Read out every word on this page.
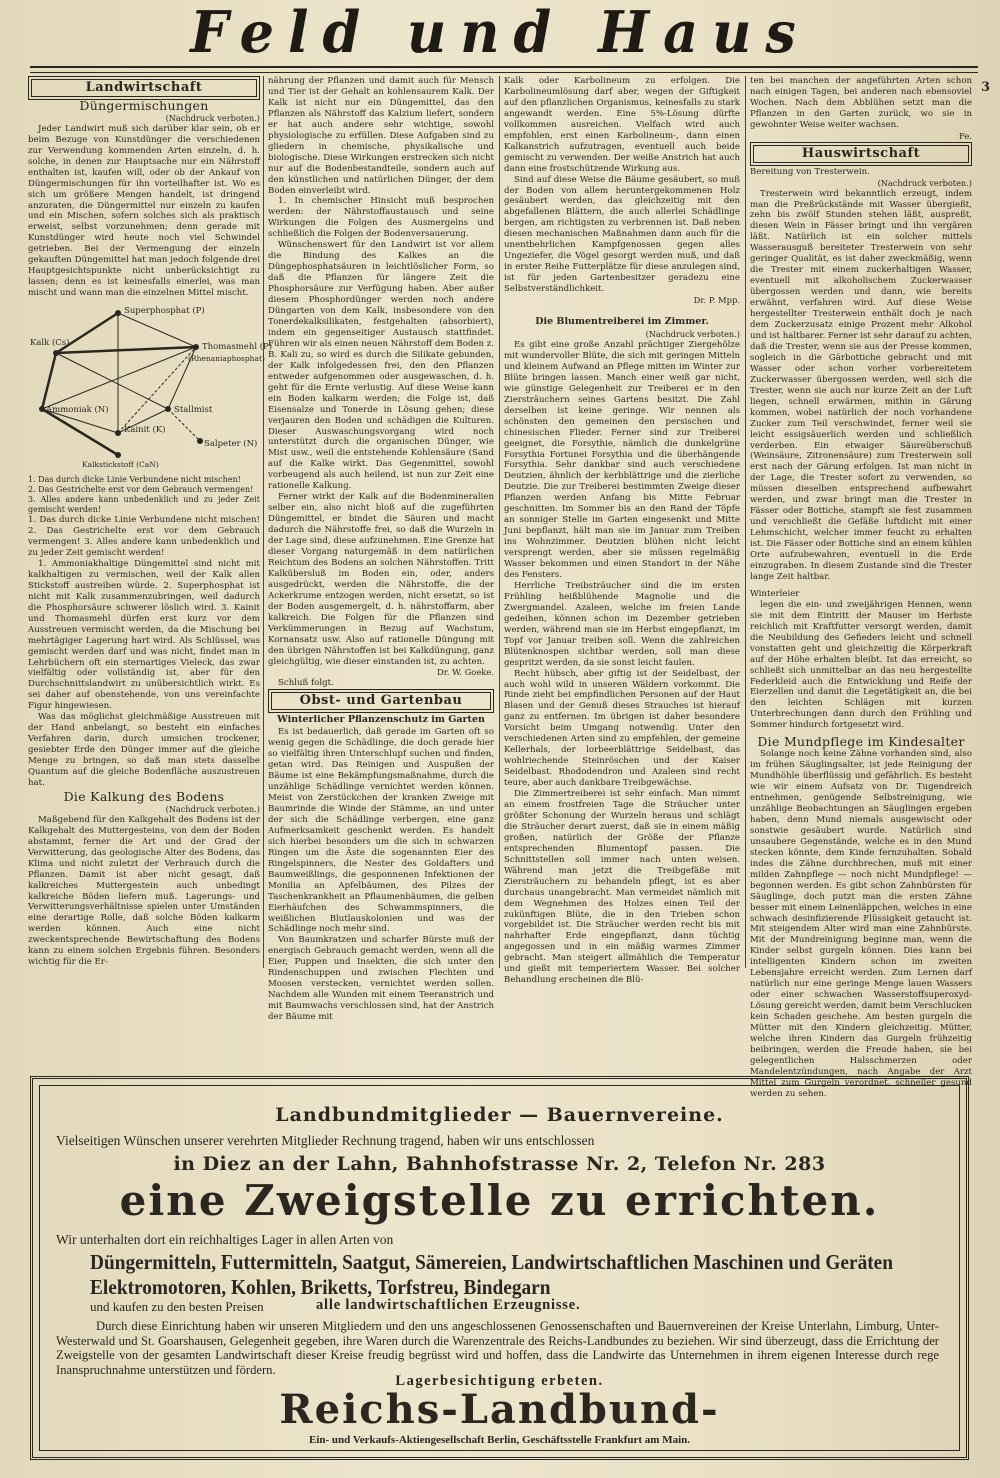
Feld und Haus
3
Landwirtschaft
Düngermischungen

(Nachdruck verboten.)

Jeder Landwirt muß sich darüber klar sein, ob er beim Bezuge von Kunstdünger die verschiedenen zur Verwendung kommenden Arten einzeln, d. h. solche, in denen zur Hauptsache nur ein Nährstoff enthalten ist, kaufen will, oder ob der Ankauf von Düngermischungen für ihn vorteilhafter ist. Wo es sich um größere Mengen handelt, ist dringend anzuraten, die Düngermittel nur einzeln zu kaufen und ein Mischen, sofern solches sich als praktisch erweist, selbst vorzunehmen; denn gerade mit Kunstdünger wird heute noch viel Schwindel getrieben. Bei der Vermengung der einzeln gekauften Düngemittel hat man jedoch folgende drei Hauptgesichtspunkte nicht unberücksichtigt zu lassen; denn es ist keinesfalls einerlei, was man mischt und wann man die einzelnen Mittel mischt.

Superphosphat (P)
Kalk (Cs)	Thomasmehl (P)
(Rhenaniaphosphat)
Ammoniak (N)	Stallmist
Kainit (K)
Salpeter (N)
Kalkstickstoff (CaN)

1. Das durch dicke Linie Verbundene nicht mischen!

2. Das Gestrichelte erst vor dem Gebrauch vermengen!

3. Alles andere kann unbedenklich und zu jeder Zeit gemischt werden!

1. Das durch dicke Linie Verbundene nicht mischen! 2. Das Gestrichelte erst vor dem Gebrauch vermengen! 3. Alles andere kann unbedenklich und zu jeder Zeit gemischt werden!

1. Ammoniakhaltige Düngemittel sind nicht mit kalkhaltigen zu vermischen, weil der Kalk allen Stickstoff austreiben würde. 2. Superphosphat ist nicht mit Kalk zusammenzubringen, weil dadurch die Phosphorsäure schwerer löslich wird. 3. Kainit und Thomasmehl dürfen erst kurz vor dem Ausstreuen vermischt werden, da die Mischung bei mehrtägiger Lagerung hart wird. Als Schlüssel, was gemischt werden darf und was nicht, findet man in Lehrbüchern oft ein sternartiges Vieleck, das zwar vielfältig oder vollständig ist, aber für den Durchschnittslandwirt zu unübersichtlich wirkt. Es sei daher auf obenstehende, von uns vereinfachte Figur hingewiesen.

Was das möglichst gleichmäßige Ausstreuen mit der Hand anbelangt, so besteht ein einfaches Verfahren darin, durch umsichen trockener, gesiebter Erde den Dünger immer auf die gleiche Menge zu bringen, so daß man stets dasselbe Quantum auf die gleiche Bodenfläche auszustreuen hat.

Die Kalkung des Bodens

(Nachdruck verboten.)

Maßgebend für den Kalkgehalt des Bodens ist der Kalkgehalt des Muttergesteins, von dem der Boden abstammt, ferner die Art und der Grad der Verwitterung, das geologische Alter des Bodens, das Klima und nicht zuletzt der Verbrauch durch die Pflanzen. Damit ist aber nicht gesagt, daß kalkreiches Muttergestein auch unbedingt kalkreiche Böden liefern muß. Lagerungs- und Verwitterungsverhältnisse spielen unter Umständen eine derartige Rolle, daß solche Böden kalkarm werden können. Auch eine nicht zweckentsprechende Bewirtschaftung des Bodens kann zu einem solchen Ergebnis führen. Besonders wichtig für die Er-

nährung der Pflanzen und damit auch für Mensch und Tier ist der Gehalt an kohlensaurem Kalk. Der Kalk ist nicht nur ein Düngemittel, das den Pflanzen als Nährstoff das Kalzium liefert, sondern er hat auch andere sehr wichtige, sowohl physiologische zu erfüllen. Diese Aufgaben sind zu gliedern in chemische, physikalische und biologische. Diese Wirkungen erstrecken sich nicht nur auf die Bodenbestandteile, sondern auch auf den künstlichen und natürlichen Dünger, der dem Boden einverleibt wird.

1. In chemischer Hinsicht muß besprochen werden: der Nährstoffaustausch und seine Wirkungen die Folgen des Ausmergelns und schließlich die Folgen der Bodenversauerung.

Wünschenswert für den Landwirt ist vor allem die Bindung des Kalkes an die Düngephosphatsäuren in leichtlöslicher Form, so daß die Pflanzen für längere Zeit die Phosphorsäure zur Verfügung haben. Aber außer diesem Phosphordünger werden noch andere Düngarten von dem Kalk, insbesondere von den Tonerdekalksilikaten, festgehalten (absorbiert), indem ein gegenseitiger Austausch stattfindet. Führen wir als einen neuen Nährstoff dem Boden z. B. Kali zu, so wird es durch die Silikate gebunden, der Kalk infolgedessen frei, den den Pflanzen entweder aufgenommen oder ausgewaschen, d. h. geht für die Ernte verlustig. Auf diese Weise kann ein Boden kalkarm werden; die Folge ist, daß Eisensalze und Tonerde in Lösung gehen; diese verjauren den Boden und schädigen die Kulturen. Dieser Auswaschungsvorgang wird noch unterstützt durch die organischen Dünger, wie Mist usw., weil die entstehende Kohlensäure (Sand auf die Kalke wirkt. Das Gegenmittel, sowohl vorbeugend als auch heilend, ist nun zur Zeit eine rationelle Kalkung.

Ferner wirkt der Kalk auf die Bodenmineralien selber ein, also nicht bloß auf die zugeführten Düngemittel, er bindet die Säuren und macht dadurch die Nährstoffe frei, so daß die Wurzeln in der Lage sind, diese aufzunehmen. Eine Grenze hat dieser Vorgang naturgemäß in dem natürlichen Reichtum des Bodens an solchen Nährstoffen. Tritt Kalkübersluß im Boden ein, oder, anders ausgedrückt, werden die Nährstoffe, die der Ackerkrume entzogen werden, nicht ersetzt, so ist der Boden ausgemergelt, d. h. nährstoffarm, aber kalkreich. Die Folgen für die Pflanzen sind Verkümmerungen in Bezug auf Wachstum, Kornansatz usw. Also auf rationelle Düngung mit den übrigen Nährstoffen ist bei Kalkdüngung, ganz gleichgültig, wie dieser einstanden ist, zu achten.

Dr. W. Goeke.

Schluß folgt.

Obst- und Gartenbau
Winterlicher Pflanzenschutz im Garten

Es ist bedauerlich, daß gerade im Garten oft so wenig gegen die Schädlinge, die doch gerade hier so vielfältig ihren Unterschlupf suchen und finden, getan wird. Das Reinigen und Auspußen der Bäume ist eine Bekämpfungsmaßnahme, durch die unzählige Schädlinge vernichtet werden können. Meist von Zerstückchen der kranken Zweige mit Baumrinde die Winde der Stämme, an und unter der sich die Schädlinge verbergen, eine ganz Aufmerksamkeit geschenkt werden. Es handelt sich hierbei besonders um die sich in schwarzen Ringen um die Äste die sogenannten Eier des Ringelspinners, die Nester des Goldafters und Baumweißlings, die gesponnenen Infektionen der Monilia an Apfelbäumen, des Pilzes der Taschenkrankheit an Pflaumenbäumen, die gelben Eierhäufchen des Schwammspinners, die weißlichen Blutlauskolonien und was der Schädlinge noch mehr sind.

Von Baumkratzen und scharfer Bürste muß der energisch Gebrauch gemacht werden, wenn all die Eier, Puppen und Insekten, die sich unter den Rindenschuppen und zwischen Flechten und Moosen verstecken, vernichtet werden sollen. Nachdem alle Wunden mit einem Teeranstrich und mit Baumwachs verschlossen sind, hat der Anstrich der Bäume mit

Kalk oder Karbolineum zu erfolgen. Die Karbolineumlösung darf aber, wegen der Giftigkeit auf den pflanzlichen Organismus, keinesfalls zu stark angewandt werden. Eine 5%-Lösung dürfte vollkommen ausreichen. Vielfach wird auch empfohlen, erst einen Karbolineum-, dann einen Kalkanstrich aufzutragen, eventuell auch beide gemischt zu verwenden. Der weiße Anstrich hat auch dann eine frostschützende Wirkung aus.

Sind auf diese Weise die Bäume gesäubert, so muß der Boden von allem heruntergekommenen Holz gesäubert werden, das gleichzeitig mit den abgefallenen Blättern, die auch allerlei Schädlinge bergen, am richtigsten zu verbrennen ist. Daß neben diesen mechanischen Maßnahmen dann auch für die unentbehrlichen Kampfgenossen gegen alles Ungeziefer, die Vögel gesorgt werden muß, und daß in erster Reihe Futterplätze für diese anzulegen sind, ist für jeden Gartenbesitzer geradezu eine Selbstverständlichkeit.

Dr. P. Mpp.

Die Blumentreiberei im Zimmer.

(Nachdruck verboten.)

Es gibt eine große Anzahl prächtiger Ziergehölze mit wundervoller Blüte, die sich mit geringen Mitteln und kleinem Aufwand an Pflege mitten im Winter zur Blüte bringen lassen. Manch einer weiß gar nicht, wie günstige Gelegenheit zur Treiberei er in den Ziersträuchern seines Gartens besitzt. Die Zahl derselben ist keine geringe. Wir nennen als schönsten den gemeinen den persischen und chinesischen Flieder. Ferner sind zur Treiberei geeignet, die Forsythie, nämlich die dunkelgrüne Forsythia Fortunei Forsythia und die überhängende Forsythia. Sehr dankbar sind auch verschiedene Deutzien, ähnlich der kerbblättrige und die zierliche Deutzie. Die zur Treiberei bestimmten Zweige dieser Pflanzen werden Anfang bis Mitte Februar geschnitten. Im Sommer bis an den Rand der Töpfe an sonniger Stelle im Garten eingesenkt und Mitte Juni bepflanzt, hält man sie im Januar zum Treiben ins Wohnzimmer. Deutzien blühen nicht leicht versprengt werden, aber sie müssen regelmäßig Wasser bekommen und einen Standort in der Nähe des Fensters.

Herrliche Treibsträucher sind die im ersten Frühling heißblühende Magnolie und die Zwergmandel. Azaleen, welche im freien Lande gedeihen, können schon im Dezember getrieben werden, während man sie im Herbst eingepflanzt, im Topf vor Januar treiben soll. Wenn die zahlreichen Blütenknospen sichtbar werden, soll man diese gespritzt werden, da sie sonst leicht faulen.

Recht hübsch, aber giftig ist der Seidelbast, der auch wohl wild in unseren Wäldern vorkommt. Die Rinde zieht bei empfindlichen Personen auf der Haut Blasen und der Genuß dieses Strauches ist hierauf ganz zu entfernen. Im übrigen ist daher besondere Vorsicht beim Umgang notwendig. Unter den verschiedenen Arten sind zu empfehlen, der gemeine Kellerhals, der lorbeerblättrige Seidelbast, das wohlriechende Steinröschen und der Kaiser Seidelbast. Rhododendron und Azaleen sind recht teure, aber auch dankbare Treibgewächse.

Die Zimmertreiberei ist sehr einfach. Man nimmt an einem frostfreien Tage die Sträucher unter größter Schonung der Wurzeln heraus und schlägt die Sträucher derart zuerst, daß sie in einem mäßig großen, natürlich der Größe der Pflanze entsprechenden Blumentopf passen. Die Schnittstellen soll immer nach unten weisen. Während man jetzt die Treibgefäße mit Ziersträuchern zu behandeln pflegt, ist es aber durchaus unangebracht. Man vermeidet nämlich mit dem Wegnehmen des Holzes einen Teil der zukünftigen Blüte, die in den Trieben schon vorgebildet ist. Die Sträucher werden recht bis mit nahrhafter Erde eingepflanzt, dann tüchtig angegossen und in ein mäßig warmes Zimmer gebracht. Man steigert allmählich die Temperatur und gießt mit temperiertem Wasser. Bei solcher Behandlung erscheinen die Blü-

ten bei manchen der angeführten Arten schon nach einigen Tagen, bei anderen nach ebensoviel Wochen. Nach dem Abblühen setzt man die Pflanzen in den Garten zurück, wo sie in gewohnter Weise weiter wachsen.

Fe.

Hauswirtschaft

Bereitung von Tresterwein.

(Nachdruck verboten.)

Tresterwein wird bekanntlich erzeugt, indem man die Preßrückstände mit Wasser übergießt, zehn bis zwölf Stunden stehen läßt, auspreßt, diesen Wein in Fässer bringt und ihn vergären läßt. Natürlich ist ein solcher mittels Wasserausguß bereiteter Tresterwein von sehr geringer Qualität, es ist daher zweckmäßig, wenn die Trester mit einem zuckerhaltigen Wasser, eventuell mit alkoholischem Zuckerwasser übergossen werden und dann, wie bereits erwähnt, verfahren wird. Auf diese Weise hergestellter Tresterwein enthält doch je nach dem Zuckerzusatz einige Prozent mehr Alkohol und ist haltbarer. Ferner ist sehr darauf zu achten, daß die Trester, wenn sie aus der Presse kommen, sogleich in die Gärbottiche gebracht und mit Wasser oder schon vorher vorbereitetem Zuckerwasser übergossen werden, weil sich die Trester, wenn sie auch nur kurze Zeit an der Luft liegen, schnell erwärmen, mithin in Gärung kommen, wobei natürlich der noch vorhandene Zucker zum Teil verschwindet, ferner weil sie leicht essigsäuerlich werden und schließlich verderben. Ein etwaiger Säureüberschuß (Weinsäure, Zitronensäure) zum Tresterwein soll erst nach der Gärung erfolgen. Ist man nicht in der Lage, die Trester sofort zu verwenden, so müssen dieselben entsprechend aufbewahrt werden, und zwar bringt man die Trester in Fässer oder Bottiche, stampft sie fest zusammen und verschließt die Gefäße luftdicht mit einer Lehmschicht, welcher immer feucht zu erhalten ist. Die Fässer oder Bottiche sind an einem kühlen Orte aufzubewahren, eventuell in die Erde einzugraben. In diesem Zustande sind die Trester lange Zeit haltbar.

Winterleier

legen die ein- und zweijährigen Hennen, wenn sie mit dem Eintritt der Mauser im Herbste reichlich mit Kraftfutter versorgt werden, damit die Neubildung des Gefieders leicht und schnell vonstatten geht und gleichzeitig die Körperkraft auf der Höhe erhalten bleibt. Ist das erreicht, so schließt sich unmittelbar an das neu hergestellte Federkleid auch die Entwicklung und Reife der Eierzellen und damit die Legetätigkeit an, die bei den leichten Schlägen mit kurzen Unterbrechungen dann durch den Frühling und Sommer hindurch fortgesetzt wird.

Die Mundpflege im Kindesalter

Solange noch keine Zähne vorhanden sind, also im frühen Säuglingsalter, ist jede Reinigung der Mundhöhle überflüssig und gefährlich. Es besteht wie wir einem Aufsatz von Dr. Tugendreich entnehmen, genügende Selbstreinigung, wie unzählige Beobachtungen an Säuglingen ergeben haben, denn Mund niemals ausgewischt oder sonstwie gesäubert wurde. Natürlich sind unsaubere Gegenstände, welche es in den Mund stecken könnte, dem Kinde fernzuhalten. Sobald indes die Zähne durchbrechen, muß mit einer milden Zahnpflege — noch nicht Mundpflege! — begonnen werden. Es gibt schon Zahnbürsten für Säuglinge, doch putzt man die ersten Zähne besser mit einem Leinenläppchen, welches in eine schwach desinfizierende Flüssigkeit getaucht ist. Mit steigendem Alter wird man eine Zahnbürste. Mit der Mundreinigung beginne man, wenn die Kinder selbst gurgeln können. Dies kann bei intelligenten Kindern schon im zweiten Lebensjahre erreicht werden. Zum Lernen darf natürlich nur eine geringe Menge lauen Wassers oder einer schwachen Wasserstoffsuperoxyd-Lösung gereicht werden, damit beim Verschlucken kein Schaden geschehe. Am besten gurgeln die Mütter mit den Kindern gleichzeitig. Mütter, welche ihren Kindern das Gurgeln frühzeitig beibringen, werden die Freude haben, sie bei gelegentlichen Halsschmerzen oder Mandelentzündungen, nach Angabe der Arzt Mittel zum Gurgeln verordnet, schneller gesund werden zu sehen.

Landbundmitglieder — Bauernvereine.
Vielseitigen Wünschen unserer verehrten Mitglieder Rechnung tragend, haben wir uns entschlossen
in Diez an der Lahn, Bahnhofstrasse Nr. 2, Telefon Nr. 283
eine Zweigstelle zu errichten.
Wir unterhalten dort ein reichhaltiges Lager in allen Arten von
Düngermitteln, Futtermitteln, Saatgut, Sämereien, Landwirtschaftlichen Maschinen und Geräten
Elektromotoren, Kohlen, Briketts, Torfstreu, Bindegarn
und kaufen zu den besten Preisen	alle landwirtschaftlichen Erzeugnisse.
Durch diese Einrichtung haben wir unseren Mitgliedern und den uns angeschlossenen Genossenschaften und Bauernvereinen der Kreise Unterlahn, Limburg, Unter-Westerwald und St. Goarshausen, Gelegenheit gegeben, ihre Waren durch die Warenzentrale des Reichs-Landbundes zu beziehen. Wir sind überzeugt, dass die Errichtung der Zweigstelle von der gesamten Landwirtschaft dieser Kreise freudig begrüsst wird und hoffen, dass die Landwirte das Unternehmen in ihrem eigenen Interesse durch rege Inanspruchnahme unterstützen und fördern.
Lagerbesichtigung erbeten.
Reichs-Landbund-
Ein- und Verkaufs-Aktiengesellschaft Berlin, Geschäftsstelle Frankfurt am Main.
